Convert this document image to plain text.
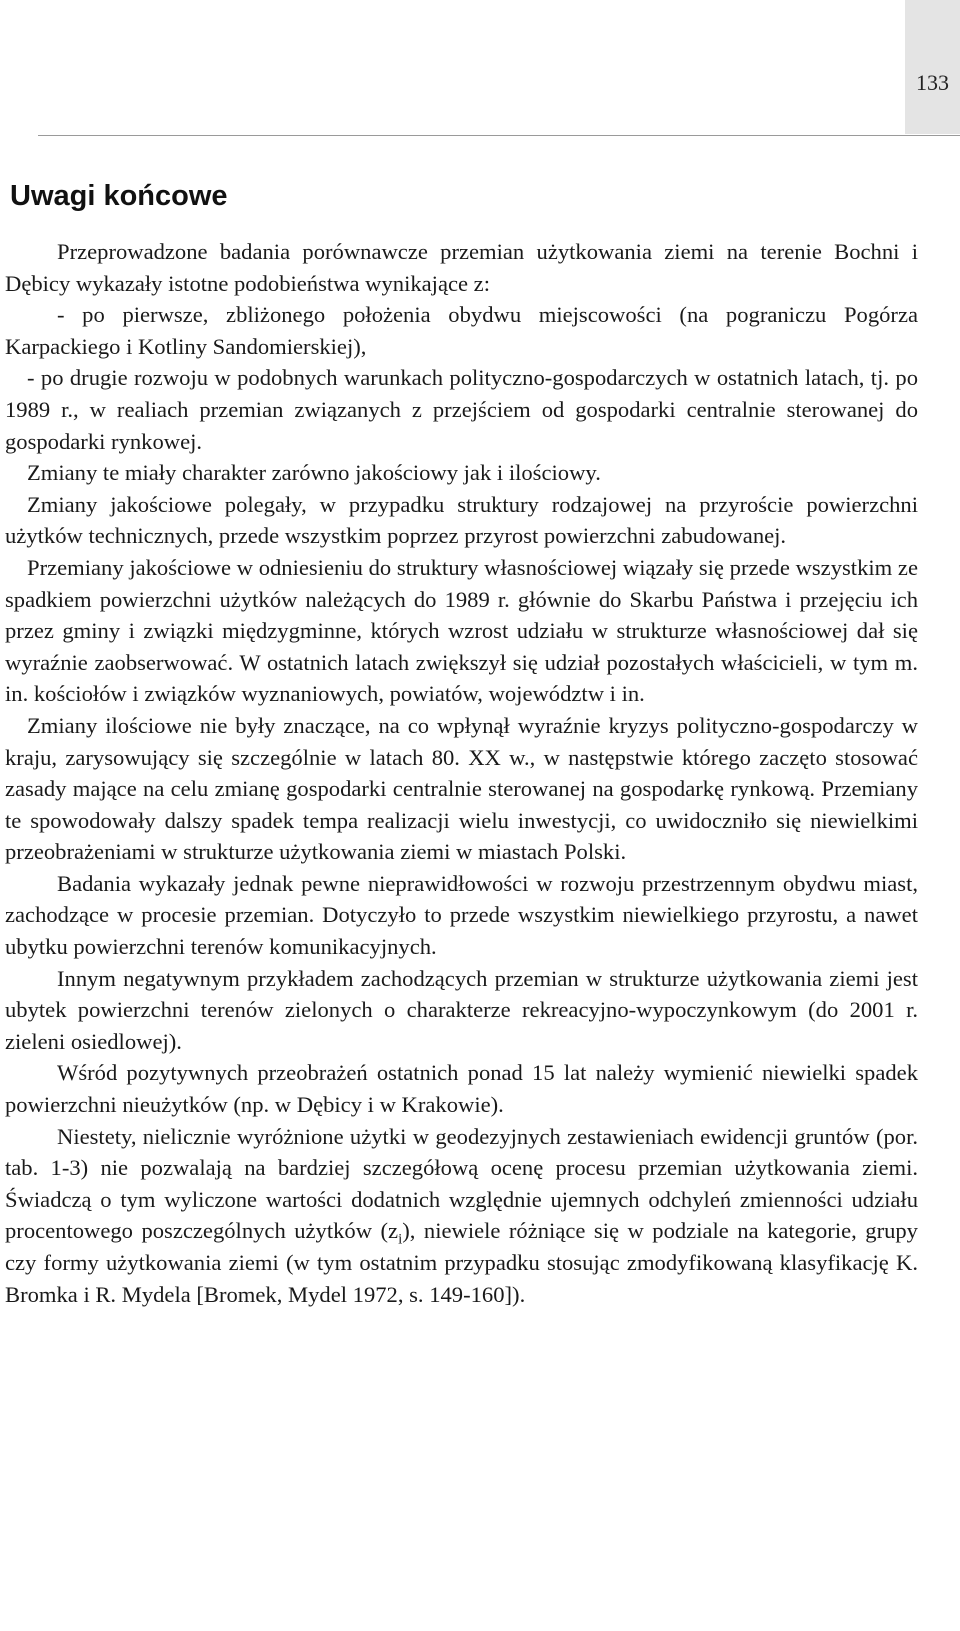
133
Uwagi końcowe

Przeprowadzone badania porównawcze przemian użytkowania ziemi na terenie Bochni i Dębicy wykazały istotne podobieństwa wynikające z:

- po pierwsze, zbliżonego położenia obydwu miejscowości (na pograniczu Pogórza Karpackiego i Kotliny Sandomierskiej),

- po drugie rozwoju w podobnych warunkach polityczno-gospodarczych w ostatnich latach, tj. po 1989 r., w realiach przemian związanych z przejściem od gospodarki centralnie sterowanej do gospodarki rynkowej.

Zmiany te miały charakter zarówno jakościowy jak i ilościowy.

Zmiany jakościowe polegały, w przypadku struktury rodzajowej na przyroście powierzchni użytków technicznych, przede wszystkim poprzez przyrost powierzchni zabudowanej.

Przemiany jakościowe w odniesieniu do struktury własnościowej wiązały się przede wszystkim ze spadkiem powierzchni użytków należących do 1989 r. głównie do Skarbu Państwa i przejęciu ich przez gminy i związki międzygminne, których wzrost udziału w strukturze własnościowej dał się wyraźnie zaobserwować. W ostatnich latach zwiększył się udział pozostałych właścicieli, w tym m. in. kościołów i związków wyznaniowych, powiatów, województw i in.

Zmiany ilościowe nie były znaczące, na co wpłynął wyraźnie kryzys polityczno-gospodarczy w kraju, zarysowujący się szczególnie w latach 80. XX w., w następstwie którego zaczęto stosować zasady mające na celu zmianę gospodarki centralnie sterowanej na gospodarkę rynkową. Przemiany te spowodowały dalszy spadek tempa realizacji wielu inwestycji, co uwidoczniło się niewielkimi przeobrażeniami w strukturze użytkowania ziemi w miastach Polski.

Badania wykazały jednak pewne nieprawidłowości w rozwoju przestrzennym obydwu miast, zachodzące w procesie przemian. Dotyczyło to przede wszystkim niewielkiego przyrostu, a nawet ubytku powierzchni terenów komunikacyjnych.

Innym negatywnym przykładem zachodzących przemian w strukturze użytkowania ziemi jest ubytek powierzchni terenów zielonych o charakterze rekreacyjno-wypoczynkowym (do 2001 r. zieleni osiedlowej).

Wśród pozytywnych przeobrażeń ostatnich ponad 15 lat należy wymienić niewielki spadek powierzchni nieużytków (np. w Dębicy i w Krakowie).

Niestety, nielicznie wyróżnione użytki w geodezyjnych zestawieniach ewidencji gruntów (por. tab. 1-3) nie pozwalają na bardziej szczegółową ocenę procesu przemian użytkowania ziemi. Świadczą o tym wyliczone wartości dodatnich względnie ujemnych odchyleń zmienności udziału procentowego poszczególnych użytków $(z_i)$, niewiele różniące się w podziale na kategorie, grupy czy formy użytkowania ziemi (w tym ostatnim przypadku stosując zmodyfikowaną klasyfikację K. Bromka i R. Mydela [Bromek, Mydel 1972, s. 149-160]).
